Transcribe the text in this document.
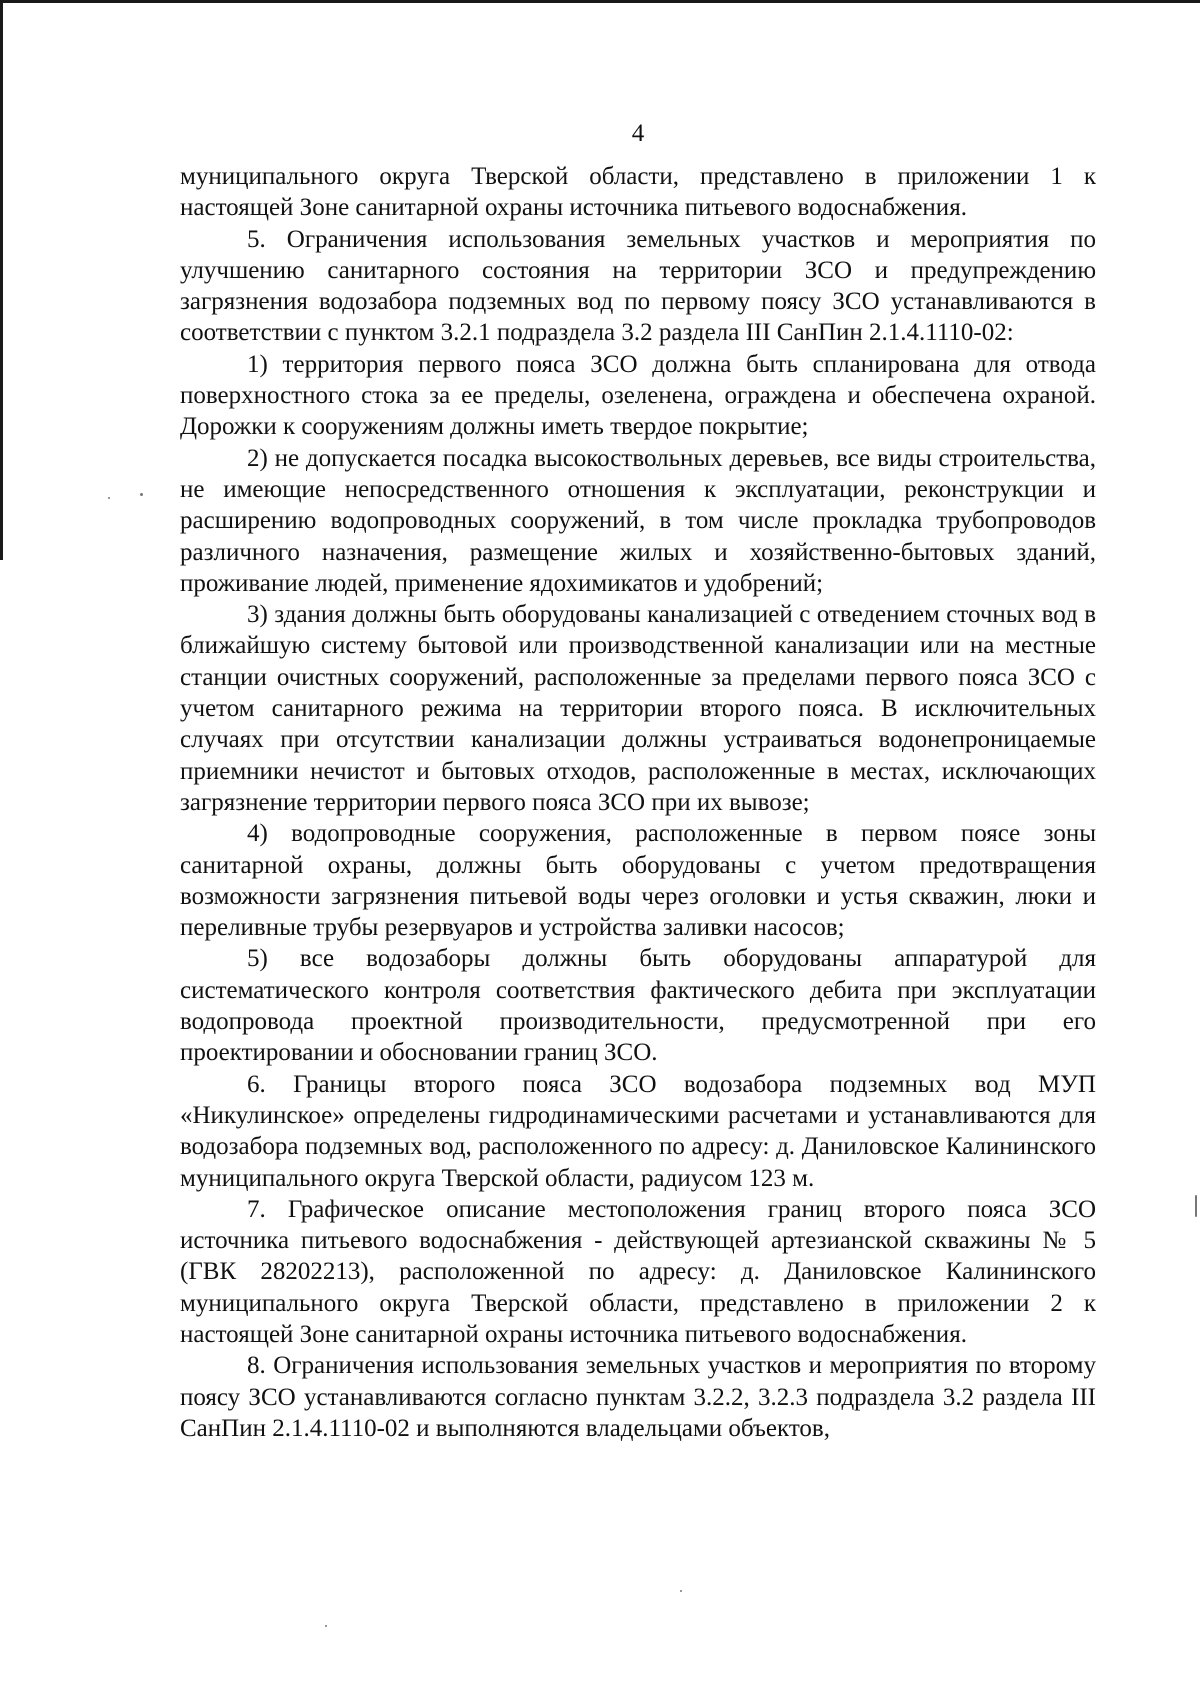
4

муниципального округа Тверской области, представлено в приложении 1 к настоящей Зоне санитарной охраны источника питьевого водоснабжения.

5. Ограничения использования земельных участков и мероприятия по улучшению санитарного состояния на территории ЗСО и предупреждению загрязнения водозабора подземных вод по первому поясу ЗСО устанавливаются в соответствии с пунктом 3.2.1 подраздела 3.2 раздела III СанПин 2.1.4.1110-02:

1) территория первого пояса ЗСО должна быть спланирована для отвода поверхностного стока за ее пределы, озеленена, ограждена и обеспечена охраной. Дорожки к сооружениям должны иметь твердое покрытие;

2) не допускается посадка высокоствольных деревьев, все виды строительства, не имеющие непосредственного отношения к эксплуатации, реконструкции и расширению водопроводных сооружений, в том числе прокладка трубопроводов различного назначения, размещение жилых и хозяйственно-бытовых зданий, проживание людей, применение ядохимикатов и удобрений;

3) здания должны быть оборудованы канализацией с отведением сточных вод в ближайшую систему бытовой или производственной канализации или на местные станции очистных сооружений, расположенные за пределами первого пояса ЗСО с учетом санитарного режима на территории второго пояса. В исключительных случаях при отсутствии канализации должны устраиваться водонепроницаемые приемники нечистот и бытовых отходов, расположенные в местах, исключающих загрязнение территории первого пояса ЗСО при их вывозе;

4) водопроводные сооружения, расположенные в первом поясе зоны санитарной охраны, должны быть оборудованы с учетом предотвращения возможности загрязнения питьевой воды через оголовки и устья скважин, люки и переливные трубы резервуаров и устройства заливки насосов;

5) все водозаборы должны быть оборудованы аппаратурой для систематического контроля соответствия фактического дебита при эксплуатации водопровода проектной производительности, предусмотренной при его проектировании и обосновании границ ЗСО.

6. Границы второго пояса ЗСО водозабора подземных вод МУП «Никулинское» определены гидродинамическими расчетами и устанавливаются для водозабора подземных вод, расположенного по адресу: д. Даниловское Калининского муниципального округа Тверской области, радиусом 123 м.

7. Графическое описание местоположения границ второго пояса ЗСО источника питьевого водоснабжения - действующей артезианской скважины № 5 (ГВК 28202213), расположенной по адресу: д. Даниловское Калининского муниципального округа Тверской области, представлено в приложении 2 к настоящей Зоне санитарной охраны источника питьевого водоснабжения.

8. Ограничения использования земельных участков и мероприятия по второму поясу ЗСО устанавливаются согласно пунктам 3.2.2, 3.2.3 подраздела 3.2 раздела III СанПин 2.1.4.1110-02 и выполняются владельцами объектов,
